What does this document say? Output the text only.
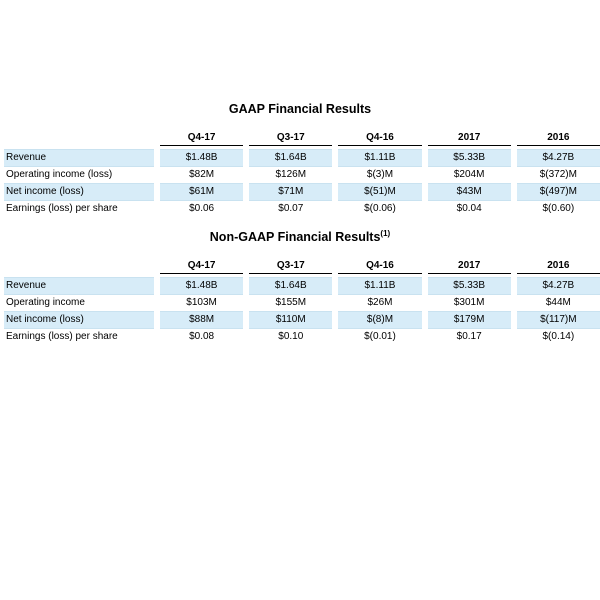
GAAP Financial Results
		Q4-17		Q3-17		Q4-16		2017		2016

Revenue		$1.48B		$1.64B		$1.11B		$5.33B		$4.27B
Operating income (loss)		$82M		$126M		$(3)M		$204M		$(372)M
Net income (loss)		$61M		$71M		$(51)M		$43M		$(497)M
Earnings (loss) per share		$0.06		$0.07		$(0.06)		$0.04		$(0.60)
Non-GAAP Financial Results$^{(1)}$
		Q4-17		Q3-17		Q4-16		2017		2016

Revenue		$1.48B		$1.64B		$1.11B		$5.33B		$4.27B
Operating income		$103M		$155M		$26M		$301M		$44M
Net income (loss)		$88M		$110M		$(8)M		$179M		$(117)M
Earnings (loss) per share		$0.08		$0.10		$(0.01)		$0.17		$(0.14)
